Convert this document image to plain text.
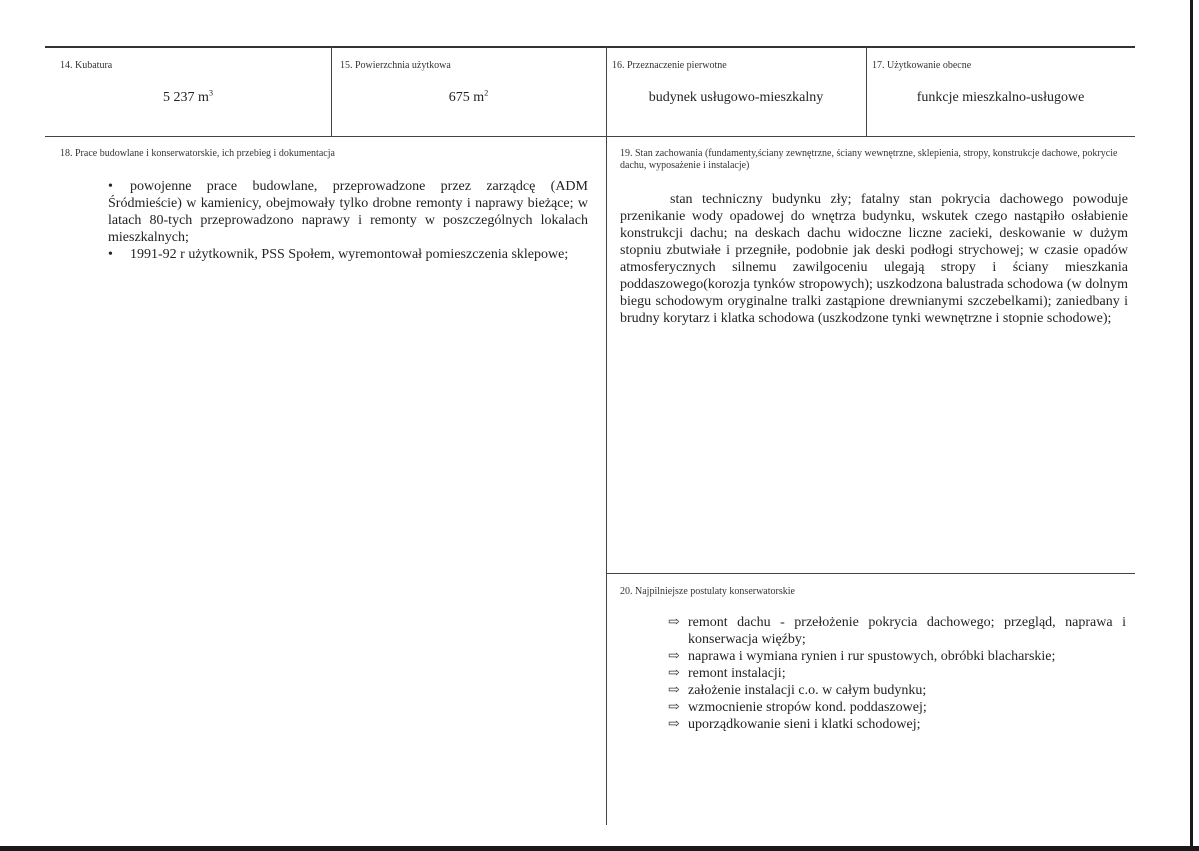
14. Kubatura
5 237 $m^3$
15. Powierzchnia użytkowa
675 $m^2$
16. Przeznaczenie pierwotne
budynek usługowo-mieszkalny
17. Użytkowanie obecne
funkcje mieszkalno-usługowe
18. Prace budowlane i konserwatorskie, ich przebieg i dokumentacja
• powojenne prace budowlane, przeprowadzone przez zarządcę (ADM Śródmieście) w kamienicy, obejmowały tylko drobne remonty i naprawy bieżące; w latach 80-tych przeprowadzono naprawy i remonty w poszczególnych lokalach mieszkalnych;
• 1991-92 r użytkownik, PSS Społem, wyremontował pomieszczenia sklepowe;
19. Stan zachowania (fundamenty,ściany zewnętrzne, ściany wewnętrzne, sklepienia, stropy, konstrukcje dachowe, pokrycie dachu, wyposażenie i instalacje)
stan techniczny budynku zły; fatalny stan pokrycia dachowego powoduje przenikanie wody opadowej do wnętrza budynku, wskutek czego nastąpiło osłabienie konstrukcji dachu; na deskach dachu widoczne liczne zacieki, deskowanie w dużym stopniu zbutwiałe i przegniłe, podobnie jak deski podłogi strychowej; w czasie opadów atmosferycznych silnemu zawilgoceniu ulegają stropy i ściany mieszkania poddaszowego(korozja tynków stropowych); uszkodzona balustrada schodowa (w dolnym biegu schodowym oryginalne tralki zastąpione drewnianymi szczebelkami); zaniedbany i brudny korytarz i klatka schodowa (uszkodzone tynki wewnętrzne i stopnie schodowe);
20. Najpilniejsze postulaty konserwatorskie
⇨ remont dachu - przełożenie pokrycia dachowego; przegląd, naprawa i konserwacja więźby;
⇨ naprawa i wymiana rynien i rur spustowych, obróbki blacharskie;
⇨ remont instalacji;
⇨ założenie instalacji c.o. w całym budynku;
⇨ wzmocnienie stropów kond. poddaszowej;
⇨ uporządkowanie sieni i klatki schodowej;
